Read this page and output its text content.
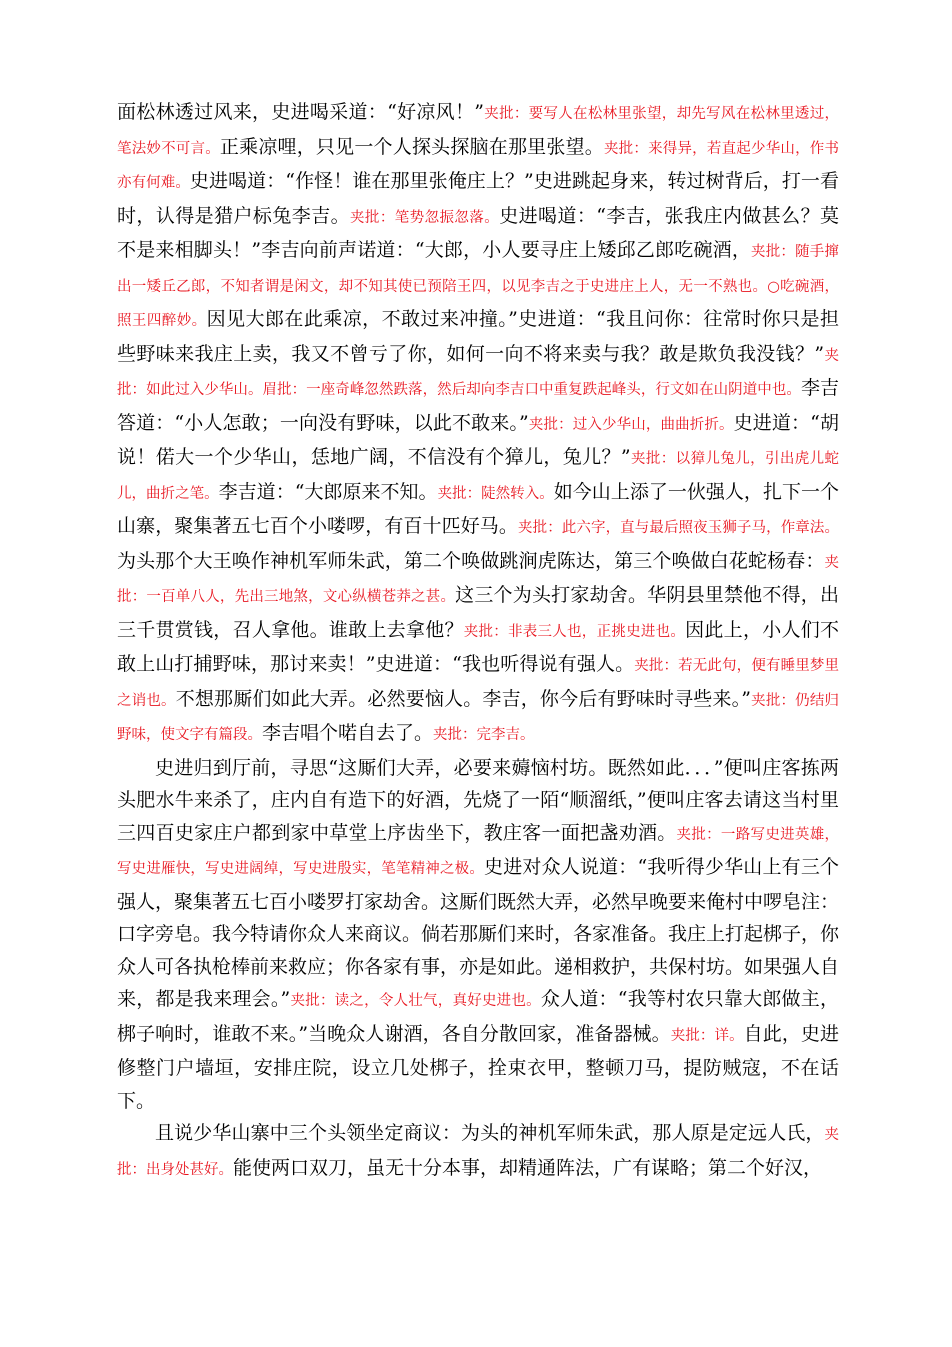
面松林透过风来，史进喝采道：“好凉风！”夹批：要写人在松林里张望，却先写风在松林里透过，笔法妙不可言。正乘凉哩，只见一个人探头探脑在那里张望。夹批：来得异，若直起少华山，作书亦有何难。史进喝道：“作怪！谁在那里张俺庄上？”史进跳起身来，转过树背后，打一看时，认得是猎户标兔李吉。夹批：笔势忽振忽落。史进喝道：“李吉，张我庄内做甚么？莫不是来相脚头！”李吉向前声诺道：“大郎，小人要寻庄上矮邱乙郎吃碗酒，夹批：随手撺出一矮丘乙郎，不知者谓是闲文，却不知其使已预陪王四，以见李吉之于史进庄上人，无一不熟也。○吃碗酒，照王四醉妙。因见大郎在此乘凉，不敢过来冲撞。”史进道：“我且问你：往常时你只是担些野味来我庄上卖，我又不曾亏了你，如何一向不将来卖与我？敢是欺负我没钱？”夹批：如此过入少华山。眉批：一座奇峰忽然跌落，然后却向李吉口中重复跌起峰头，行文如在山阴道中也。李吉答道：“小人怎敢；一向没有野味，以此不敢来。”夹批：过入少华山，曲曲折折。史进道：“胡说！偌大一个少华山，恁地广阔，不信没有个獐儿，兔儿？”夹批：以獐儿兔儿，引出虎儿蛇儿，曲折之笔。李吉道：“大郎原来不知。夹批：陡然转入。如今山上添了一伙强人，扎下一个山寨，聚集著五七百个小喽啰，有百十匹好马。夹批：此六字，直与最后照夜玉狮子马，作章法。为头那个大王唤作神机军师朱武，第二个唤做跳涧虎陈达，第三个唤做白花蛇杨春：夹批：一百单八人，先出三地煞，文心纵横苍莽之甚。这三个为头打家劫舍。华阴县里禁他不得，出三千贯赏钱，召人拿他。谁敢上去拿他？夹批：非表三人也，正挑史进也。因此上，小人们不敢上山打捕野味，那讨来卖！”史进道：“我也听得说有强人。夹批：若无此句，便有睡里梦里之诮也。不想那厮们如此大弄。必然要恼人。李吉，你今后有野味时寻些来。”夹批：仍结归野味，使文字有篇段。李吉唱个喏自去了。夹批：完李吉。

史进归到厅前，寻思“这厮们大弄，必要来薅恼村坊。既然如此．．．”便叫庄客拣两头肥水牛来杀了，庄内自有造下的好酒，先烧了一陌“顺溜纸，”便叫庄客去请这当村里三四百史家庄户都到家中草堂上序齿坐下，教庄客一面把盏劝酒。夹批：一路写史进英雄，写史进雁快，写史进阔绰，写史进殷实，笔笔精神之极。史进对众人说道：“我听得少华山上有三个强人，聚集著五七百小喽罗打家劫舍。这厮们既然大弄，必然早晚要来俺村中啰皂注：口字旁皂。我今特请你众人来商议。倘若那厮们来时，各家准备。我庄上打起梆子，你众人可各执枪棒前来救应；你各家有事，亦是如此。递相救护，共保村坊。如果强人自来，都是我来理会。”夹批：读之，令人壮气，真好史进也。众人道：“我等村农只靠大郎做主，梆子响时，谁敢不来。”当晚众人谢酒，各自分散回家，准备器械。夹批：详。自此，史进修整门户墙垣，安排庄院，设立几处梆子，拴束衣甲，整顿刀马，提防贼寇，不在话下。

且说少华山寨中三个头领坐定商议：为头的神机军师朱武，那人原是定远人氏，夹批：出身处甚好。能使两口双刀，虽无十分本事，却精通阵法，广有谋略；第二个好汉，
